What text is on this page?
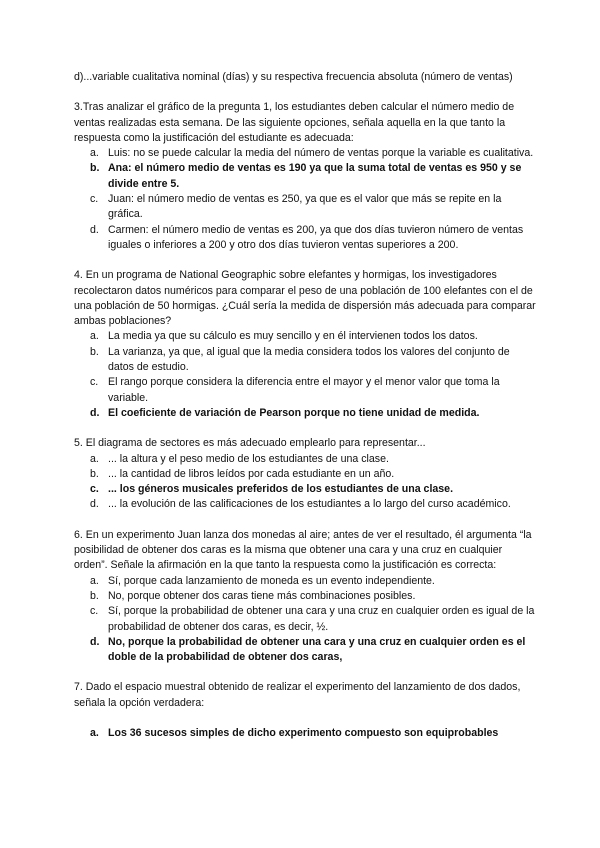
d)...variable cualitativa nominal (días) y su respectiva frecuencia absoluta (número de ventas)

3.Tras analizar el gráfico de la pregunta 1, los estudiantes deben calcular el número medio de ventas realizadas esta semana. De las siguiente opciones, señala aquella en la que tanto la respuesta como la justificación del estudiante es adecuada:

a. Luis: no se puede calcular la media del número de ventas porque la variable es cualitativa.
b. Ana: el número medio de ventas es 190 ya que la suma total de ventas es 950 y se divide entre 5.
c. Juan: el número medio de ventas es 250, ya que es el valor que más se repite en la gráfica.
d. Carmen: el número medio de ventas es 200, ya que dos días tuvieron número de ventas iguales o inferiores a 200 y otro dos días tuvieron ventas superiores a 200.

4. En un programa de National Geographic sobre elefantes y hormigas, los investigadores recolectaron datos numéricos para comparar el peso de una población de 100 elefantes con el de una población de 50 hormigas. ¿Cuál sería la medida de dispersión más adecuada para comparar ambas poblaciones?

a. La media ya que su cálculo es muy sencillo y en él intervienen todos los datos.
b. La varianza, ya que, al igual que la media considera todos los valores del conjunto de datos de estudio.
c. El rango porque considera la diferencia entre el mayor y el menor valor que toma la variable.
d. El coeficiente de variación de Pearson porque no tiene unidad de medida.

5. El diagrama de sectores es más adecuado emplearlo para representar...

a. ... la altura y el peso medio de los estudiantes de una clase.
b. ... la cantidad de libros leídos por cada estudiante en un año.
c. ... los géneros musicales preferidos de los estudiantes de una clase.
d. ... la evolución de las calificaciones de los estudiantes a lo largo del curso académico.

6. En un experimento Juan lanza dos monedas al aire; antes de ver el resultado, él argumenta “la posibilidad de obtener dos caras es la misma que obtener una cara y una cruz en cualquier orden”. Señale la afirmación en la que tanto la respuesta como la justificación es correcta:

a. Sí, porque cada lanzamiento de moneda es un evento independiente.
b. No, porque obtener dos caras tiene más combinaciones posibles.
c. Sí, porque la probabilidad de obtener una cara y una cruz en cualquier orden es igual de la probabilidad de obtener dos caras, es decir, ½.
d. No, porque la probabilidad de obtener una cara y una cruz en cualquier orden es el doble de la probabilidad de obtener dos caras,

7. Dado el espacio muestral obtenido de realizar el experimento del lanzamiento de dos dados, señala la opción verdadera:

a. Los 36 sucesos simples de dicho experimento compuesto son equiprobables
